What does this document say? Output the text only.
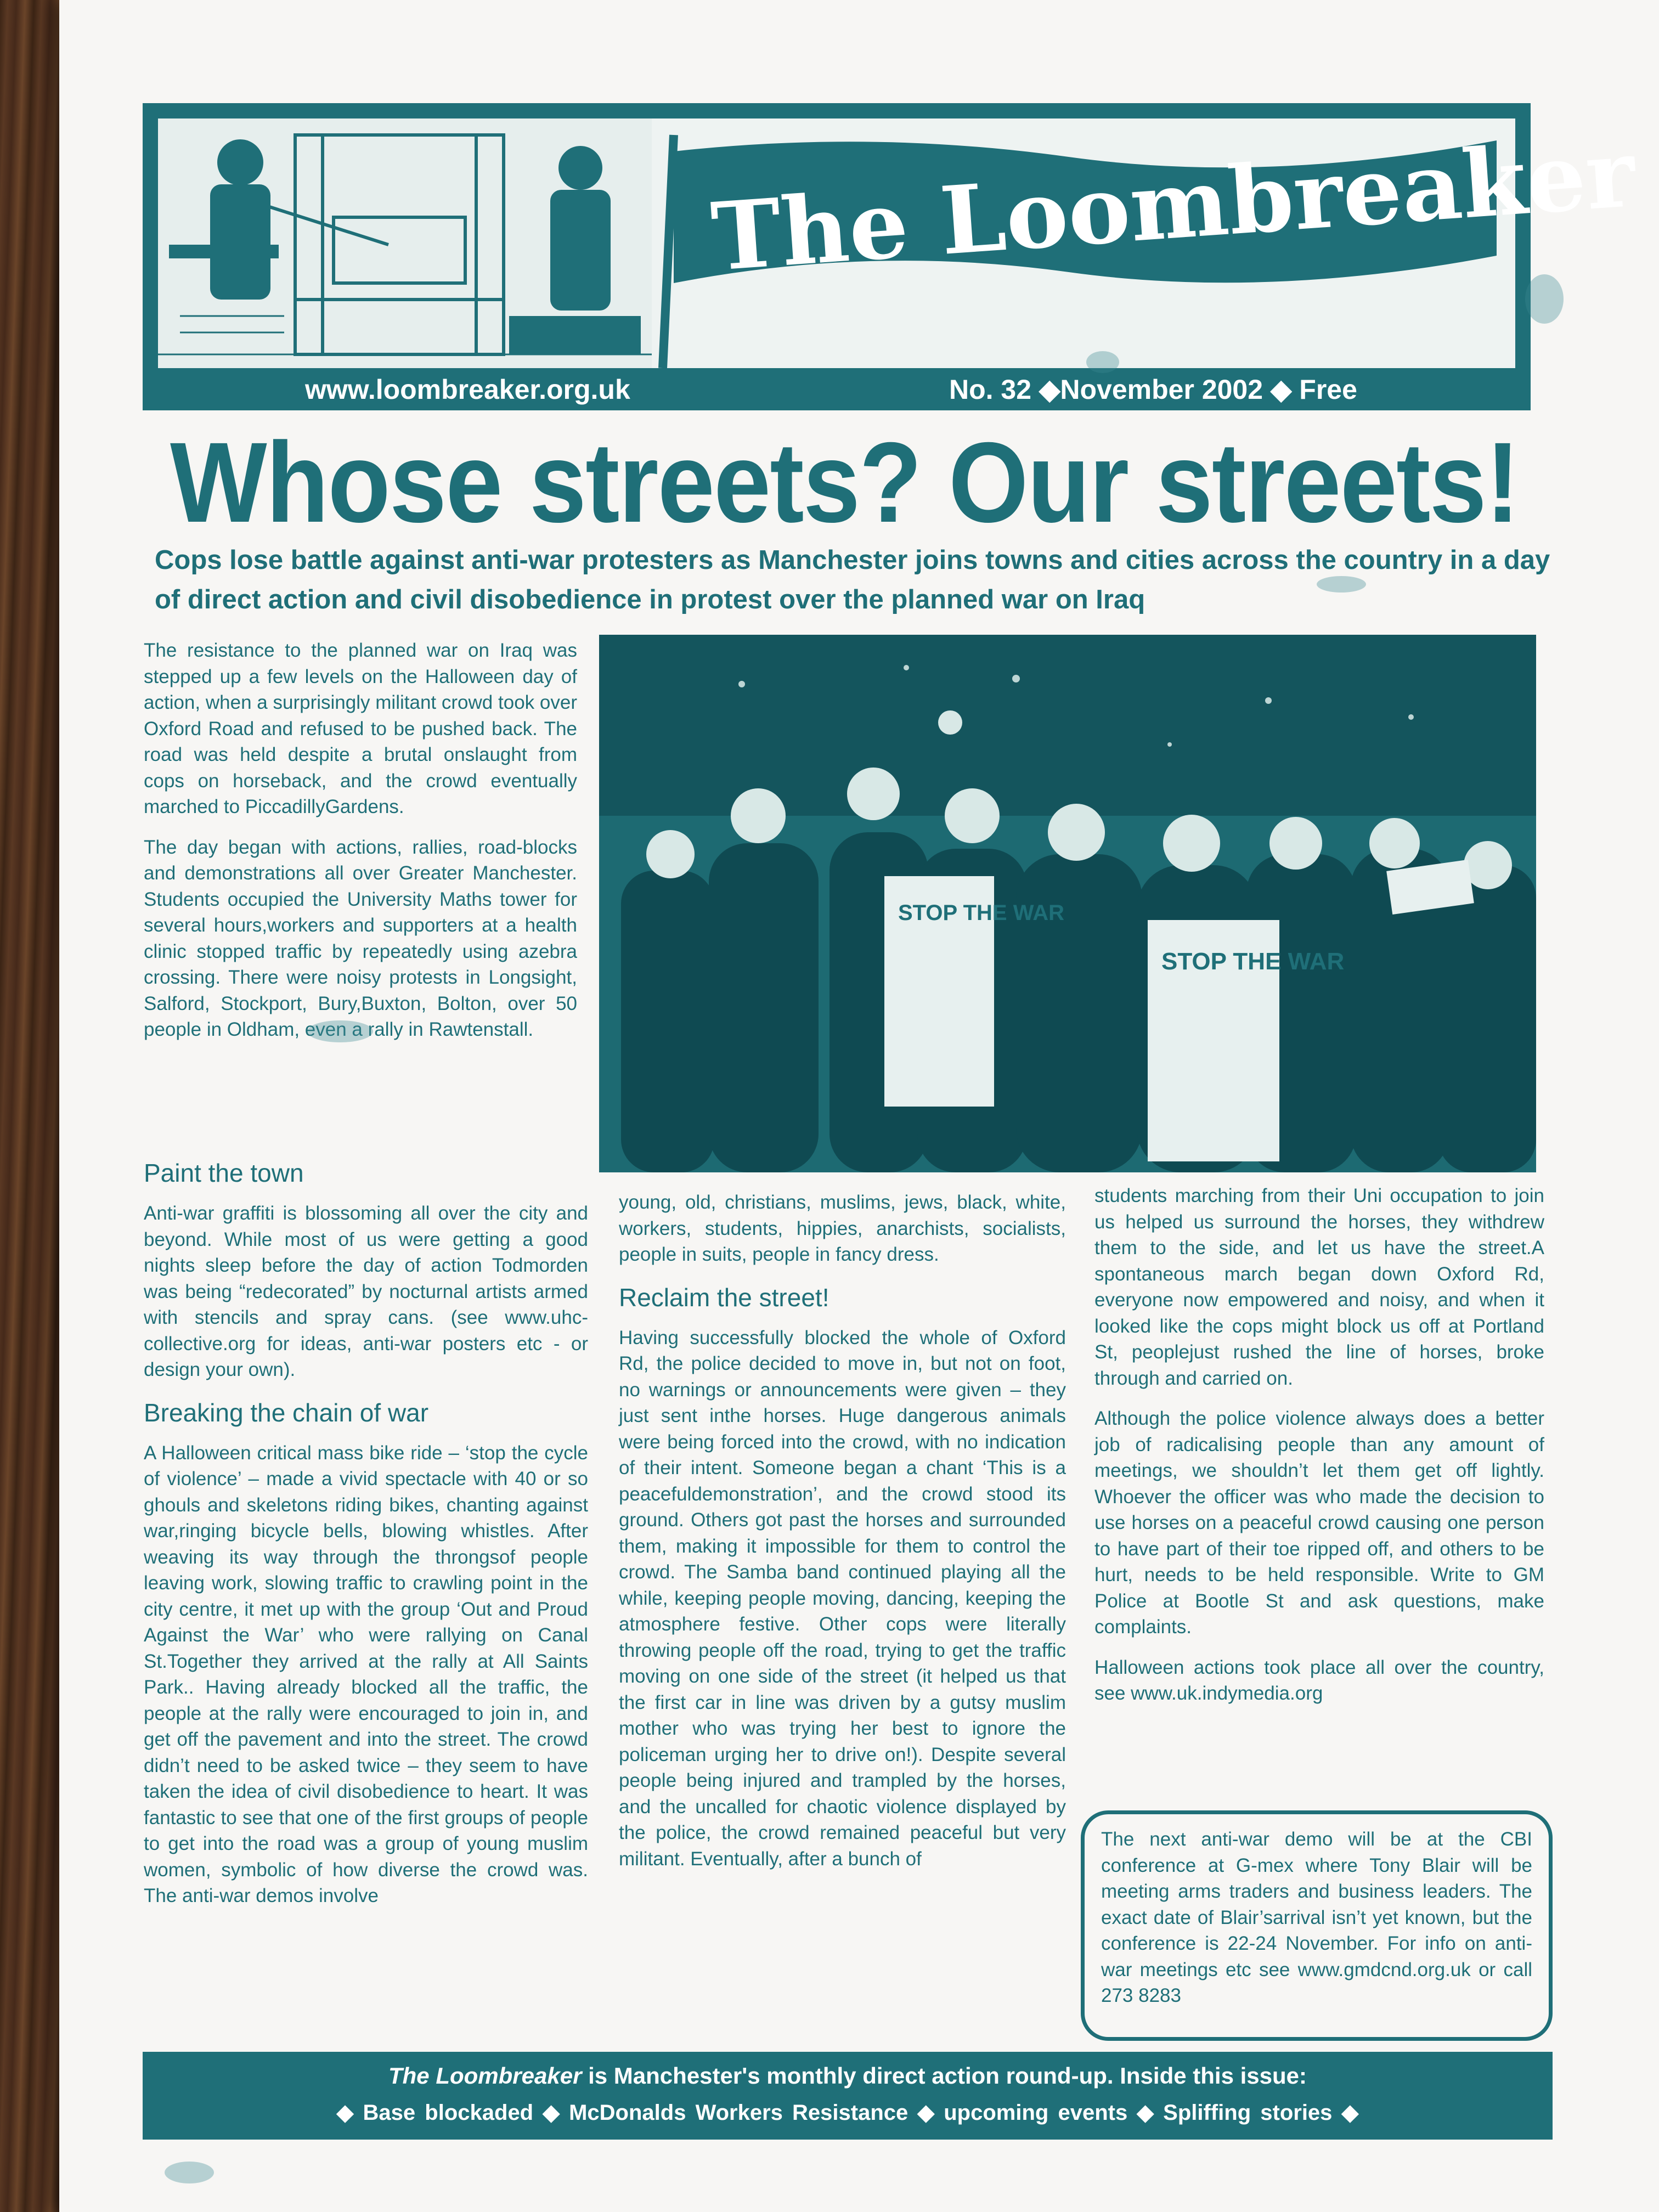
The Loombreaker
www.loombreaker.org.uk	No. 32 ◆November 2002 ◆ Free
Whose streets? Our streets!
Cops lose battle against anti-war protesters as Manchester joins towns and cities across the country in a day of direct action and civil disobedience in protest over the planned war on Iraq

The resistance to the planned war on Iraq was stepped up a few levels on the Halloween day of action, when a surprisingly militant crowd took over Oxford Road and refused to be pushed back. The road was held despite a brutal onslaught from cops on horseback, and the crowd eventually marched to PiccadillyGardens.

The day began with actions, rallies, road-blocks and demonstrations all over Greater Manchester. Students occupied the University Maths tower for several hours,workers and supporters at a health clinic stopped traffic by repeatedly using azebra crossing. There were noisy protests in Longsight, Salford, Stockport, Bury,Buxton, Bolton, over 50 people in Oldham, even a rally in Rawtenstall.

STOP THE WAR
STOP THE WAR
Paint the town

Anti-war graffiti is blossoming all over the city and beyond. While most of us were getting a good nights sleep before the day of action Todmorden was being “redecorated” by nocturnal artists armed with stencils and spray cans. (see www.uhc-collective.org for ideas, anti-war posters etc - or design your own).

Breaking the chain of war

A Halloween critical mass bike ride – ‘stop the cycle of violence’ – made a vivid spectacle with 40 or so ghouls and skeletons riding bikes, chanting against war,ringing bicycle bells, blowing whistles. After weaving its way through the throngsof people leaving work, slowing traffic to crawling point in the city centre, it met up with the group ‘Out and Proud Against the War’ who were rallying on Canal St.Together they arrived at the rally at All Saints Park.. Having already blocked all the traffic, the people at the rally were encouraged to join in, and get off the pavement and into the street. The crowd didn’t need to be asked twice – they seem to have taken the idea of civil disobedience to heart. It was fantastic to see that one of the first groups of people to get into the road was a group of young muslim women, symbolic of how diverse the crowd was. The anti-war demos involve

young, old, christians, muslims, jews, black, white, workers, students, hippies, anarchists, socialists, people in suits, people in fancy dress.

Reclaim the street!

Having successfully blocked the whole of Oxford Rd, the police decided to move in, but not on foot, no warnings or announcements were given – they just sent inthe horses. Huge dangerous animals were being forced into the crowd, with no indication of their intent. Someone began a chant ‘This is a peacefuldemonstration’, and the crowd stood its ground. Others got past the horses and surrounded them, making it impossible for them to control the crowd. The Samba band continued playing all the while, keeping people moving, dancing, keeping the atmosphere festive. Other cops were literally throwing people off the road, trying to get the traffic moving on one side of the street (it helped us that the first car in line was driven by a gutsy muslim mother who was trying her best to ignore the policeman urging her to drive on!). Despite several people being injured and trampled by the horses, and the uncalled for chaotic violence displayed by the police, the crowd remained peaceful but very militant. Eventually, after a bunch of

students marching from their Uni occupation to join us helped us surround the horses, they withdrew them to the side, and let us have the street.A spontaneous march began down Oxford Rd, everyone now empowered and noisy, and when it looked like the cops might block us off at Portland St, peoplejust rushed the line of horses, broke through and carried on.

Although the police violence always does a better job of radicalising people than any amount of meetings, we shouldn’t let them get off lightly. Whoever the officer was who made the decision to use horses on a peaceful crowd causing one person to have part of their toe ripped off, and others to be hurt, needs to be held responsible. Write to GM Police at Bootle St and ask questions, make complaints.

Halloween actions took place all over the country, see www.uk.indymedia.org

The next anti-war demo will be at the CBI conference at G-mex where Tony Blair will be meeting arms traders and business leaders. The exact date of Blair’sarrival isn’t yet known, but the conference is 22-24 November. For info on anti-war meetings etc see www.gmdcnd.org.uk or call 273 8283
The Loombreaker is Manchester's monthly direct action round-up. Inside this issue:
◆ Base blockaded ◆ McDonalds Workers Resistance ◆ upcoming events ◆ Spliffing stories ◆
